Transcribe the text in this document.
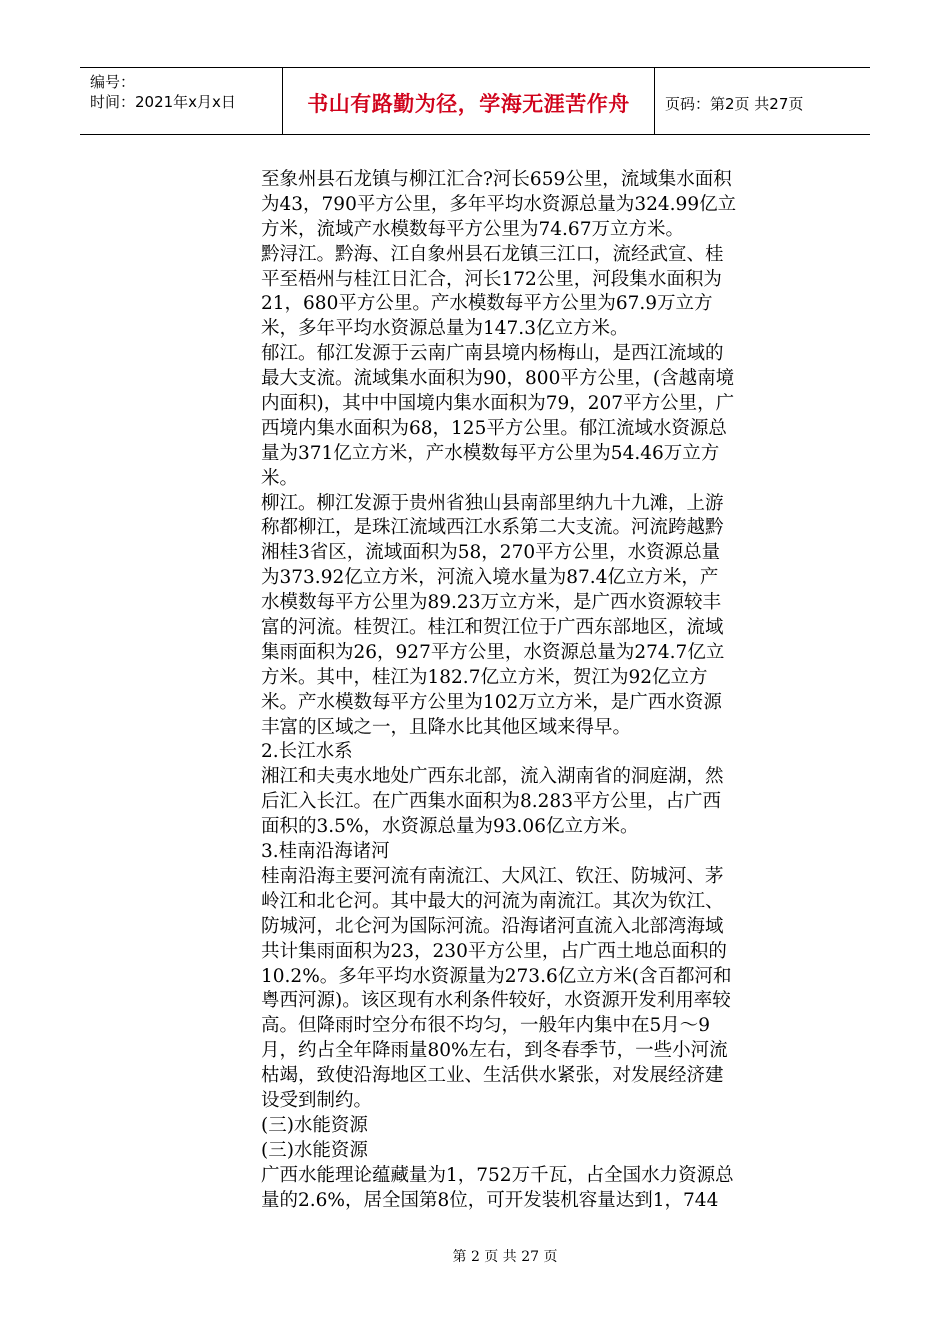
编号：
时间：2021年x月x日	书山有路勤为径，学海无涯苦作舟 页码：第2页 共27页
至象州县石龙镇与柳江汇合?河长659公里，流域集水面积
为43，790平方公里，多年平均水资源总量为324.99亿立
方米，流域产水模数每平方公里为74.67万立方米。
黔浔江。黔海、江自象州县石龙镇三江口，流经武宣、桂
平至梧州与桂江日汇合，河长172公里，河段集水面积为
21，680平方公里。产水模数每平方公里为67.9万立方
米，多年平均水资源总量为147.3亿立方米。
郁江。郁江发源于云南广南县境内杨梅山，是西江流域的
最大支流。流域集水面积为90，800平方公里，(含越南境
内面积)，其中中国境内集水面积为79，207平方公里，广
西境内集水面积为68，125平方公里。郁江流域水资源总
量为371亿立方米，产水模数每平方公里为54.46万立方
米。
柳江。柳江发源于贵州省独山县南部里纳九十九滩，上游
称都柳江，是珠江流域西江水系第二大支流。河流跨越黔
湘桂3省区，流域面积为58，270平方公里，水资源总量
为373.92亿立方米，河流入境水量为87.4亿立方米，产
水模数每平方公里为89.23万立方米，是广西水资源较丰
富的河流。桂贺江。桂江和贺江位于广西东部地区，流域
集雨面积为26，927平方公里，水资源总量为274.7亿立
方米。其中，桂江为182.7亿立方米，贺江为92亿立方
米。产水模数每平方公里为102万立方米，是广西水资源
丰富的区域之一，且降水比其他区域来得早。
2.长江水系
湘江和夫夷水地处广西东北部，流入湖南省的洞庭湖，然
后汇入长江。在广西集水面积为8.283平方公里，占广西
面积的3.5%，水资源总量为93.06亿立方米。
3.桂南沿海诸河
桂南沿海主要河流有南流江、大风江、钦汪、防城河、茅
岭江和北仑河。其中最大的河流为南流江。其次为钦江、
防城河，北仑河为国际河流。沿海诸河直流入北部湾海域
共计集雨面积为23，230平方公里，占广西土地总面积的
10.2%。多年平均水资源量为273.6亿立方米(含百都河和
粤西河源)。该区现有水利条件较好，水资源开发利用率较
高。但降雨时空分布很不均匀，一般年内集中在5月～9
月，约占全年降雨量80%左右，到冬春季节，一些小河流
枯竭，致使沿海地区工业、生活供水紧张，对发展经济建
设受到制约。
(三)水能资源
(三)水能资源
广西水能理论蕴藏量为1，752万千瓦，占全国水力资源总
量的2.6%，居全国第8位，可开发装机容量达到1，744
第 2 页 共 27 页
